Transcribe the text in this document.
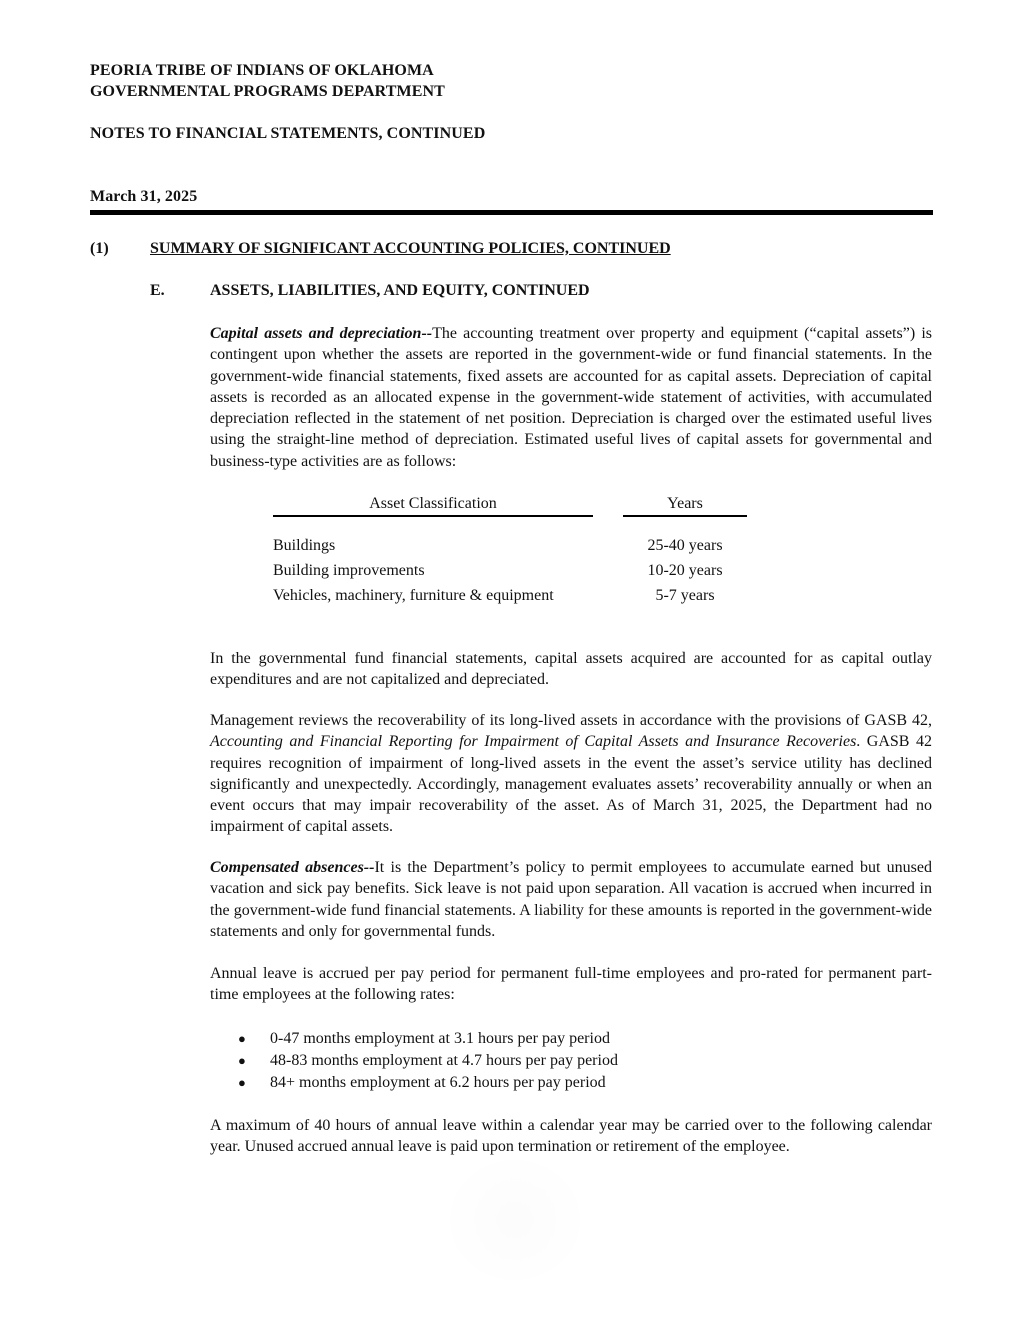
PEORIA TRIBE OF INDIANS OF OKLAHOMA
GOVERNMENTAL PROGRAMS DEPARTMENT
NOTES TO FINANCIAL STATEMENTS, CONTINUED
March 31, 2025
(1)	SUMMARY OF SIGNIFICANT ACCOUNTING POLICIES, CONTINUED
E.	ASSETS, LIABILITIES, AND EQUITY, CONTINUED
Capital assets and depreciation--The accounting treatment over property and equipment (“capital assets”) is contingent upon whether the assets are reported in the government-wide or fund financial statements. In the government-wide financial statements, fixed assets are accounted for as capital assets. Depreciation of capital assets is recorded as an allocated expense in the government-wide statement of activities, with accumulated depreciation reflected in the statement of net position. Depreciation is charged over the estimated useful lives using the straight-line method of depreciation. Estimated useful lives of capital assets for governmental and business-type activities are as follows:
Asset Classification	Years
Buildings	25-40 years
Building improvements	10-20 years
Vehicles, machinery, furniture & equipment	5-7 years
In the governmental fund financial statements, capital assets acquired are accounted for as capital outlay expenditures and are not capitalized and depreciated.
Management reviews the recoverability of its long-lived assets in accordance with the provisions of GASB 42, Accounting and Financial Reporting for Impairment of Capital Assets and Insurance Recoveries. GASB 42 requires recognition of impairment of long-lived assets in the event the asset’s service utility has declined significantly and unexpectedly. Accordingly, management evaluates assets’ recoverability annually or when an event occurs that may impair recoverability of the asset. As of March 31, 2025, the Department had no impairment of capital assets.
Compensated absences--It is the Department’s policy to permit employees to accumulate earned but unused vacation and sick pay benefits. Sick leave is not paid upon separation. All vacation is accrued when incurred in the government-wide fund financial statements. A liability for these amounts is reported in the government-wide statements and only for governmental funds.
Annual leave is accrued per pay period for permanent full-time employees and pro-rated for permanent part-time employees at the following rates:
●	0-47 months employment at 3.1 hours per pay period
●	48-83 months employment at 4.7 hours per pay period
●	84+ months employment at 6.2 hours per pay period
A maximum of 40 hours of annual leave within a calendar year may be carried over to the following calendar year. Unused accrued annual leave is paid upon termination or retirement of the employee.
